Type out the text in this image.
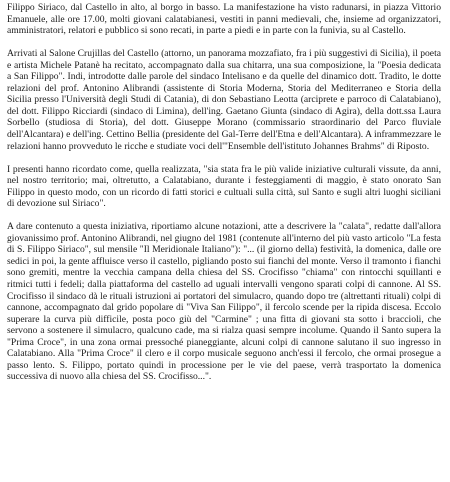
Filippo Siriaco, dal Castello in alto, al borgo in basso. La manifestazione ha visto radunarsi, in piazza Vittorio Emanuele, alle ore 17.00, molti giovani calatabianesi, vestiti in panni medievali, che, insieme ad organizzatori, amministratori, relatori e pubblico si sono recati, in parte a piedi e in parte con la funivia, su al Castello.

Arrivati al Salone Crujillas del Castello (attorno, un panorama mozzafiato, fra i più suggestivi di Sicilia), il poeta e artista Michele Patanè ha recitato, accompagnato dalla sua chitarra, una sua composizione, la "Poesia dedicata a San Filippo". Indi, introdotte dalle parole del sindaco Intelisano e da quelle del dinamico dott. Tradito, le dotte relazioni del prof. Antonino Alibrandi (assistente di Storia Moderna, Storia del Mediterraneo e Storia della Sicilia presso l'Università degli Studi di Catania), di don Sebastiano Leotta (arciprete e parroco di Calatabiano), del dott. Filippo Ricciardi (sindaco di Limina), dell'ing. Gaetano Giunta (sindaco di Agira), della dott.ssa Laura Sorbello (studiosa di Storia), del dott. Giuseppe Morano (commissario straordinario del Parco fluviale dell'Alcantara) e dell'ing. Cettino Bellia (presidente del Gal-Terre dell'Etna e dell'Alcantara). A inframmezzare le relazioni hanno provveduto le ricche e studiate voci dell'"Ensemble dell'istituto Johannes Brahms" di Riposto.

I presenti hanno ricordato come, quella realizzata, "sia stata fra le più valide iniziative culturali vissute, da anni, nel nostro territorio; mai, oltretutto, a Calatabiano, durante i festeggiamenti di maggio, è stato onorato San Filippo in questo modo, con un ricordo di fatti storici e cultuali sulla città, sul Santo e sugli altri luoghi siciliani di devozione sul Siriaco".

A dare contenuto a questa iniziativa, riportiamo alcune notazioni, atte a descrivere la "calata", redatte dall'allora giovanissimo prof. Antonino Alibrandi, nel giugno del 1981 (contenute all'interno del più vasto articolo "La festa di S. Filippo Siriaco", sul mensile "Il Meridionale Italiano"): "... (il giorno della) festività, la domenica, dalle ore sedici in poi, la gente affluisce verso il castello, pigliando posto sui fianchi del monte. Verso il tramonto i fianchi sono gremiti, mentre la vecchia campana della chiesa del SS. Crocifisso "chiama" con rintocchi squillanti e ritmici tutti i fedeli; dalla piattaforma del castello ad uguali intervalli vengono sparati colpi di cannone. Al SS. Crocifisso il sindaco dà le rituali istruzioni ai portatori del simulacro, quando dopo tre (altrettanti rituali) colpi di cannone, accompagnato dal grido popolare di "Viva San Filippo", il fercolo scende per la ripida discesa. Eccolo superare la curva più difficile, posta poco giù del "Carmine" ; una fitta di giovani sta sotto i braccioli, che servono a sostenere il simulacro, qualcuno cade, ma si rialza quasi sempre incolume. Quando il Santo supera la "Prima Croce", in una zona ormai pressoché pianeggiante, alcuni colpi di cannone salutano il suo ingresso in Calatabiano. Alla "Prima Croce" il clero e il corpo musicale seguono anch'essi il fercolo, che ormai prosegue a passo lento. S. Filippo, portato quindi in processione per le vie del paese, verrà trasportato la domenica successiva di nuovo alla chiesa del SS. Crocifisso...".
